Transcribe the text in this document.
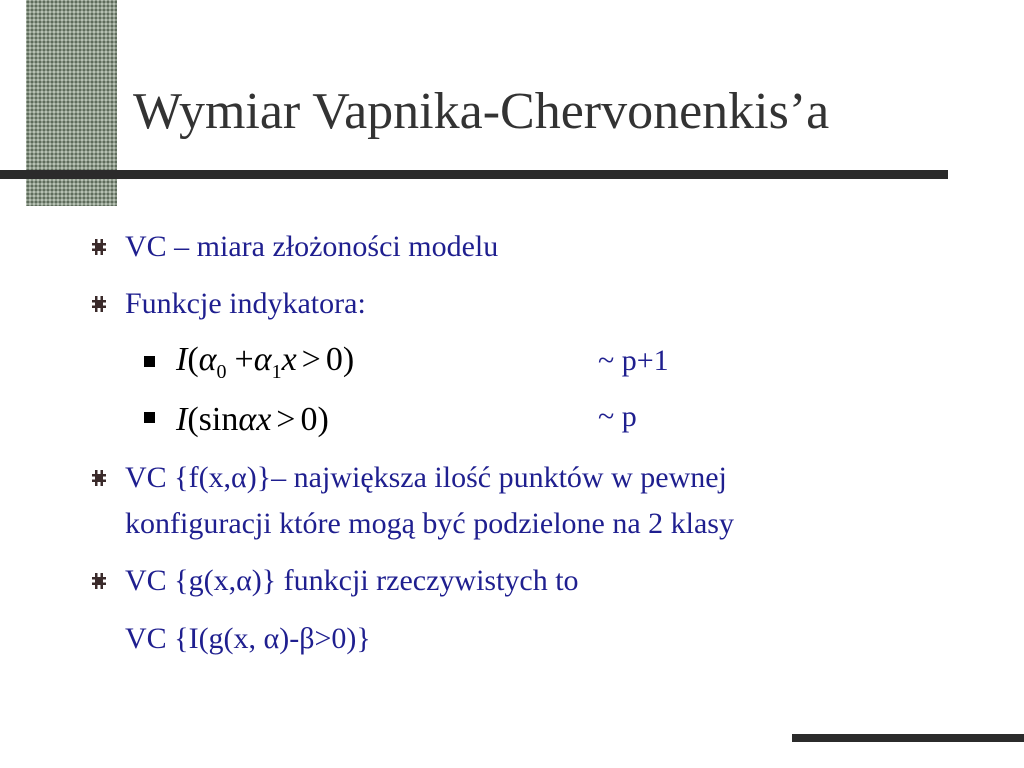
Wymiar Vapnika-Chervonenkis’a
VC – miara złożoności modelu
Funkcje indykatora:
$I(\alpha_0 +\alpha_1x > 0)$	~ p+1
I(sinαx > 0)	~ p
VC {f(x,α)}– największa ilość punktów w pewnej
konfiguracji które mogą być podzielone na 2 klasy
VC {g(x,α)} funkcji rzeczywistych to
VC {I(g(x, α)-β>0)}
